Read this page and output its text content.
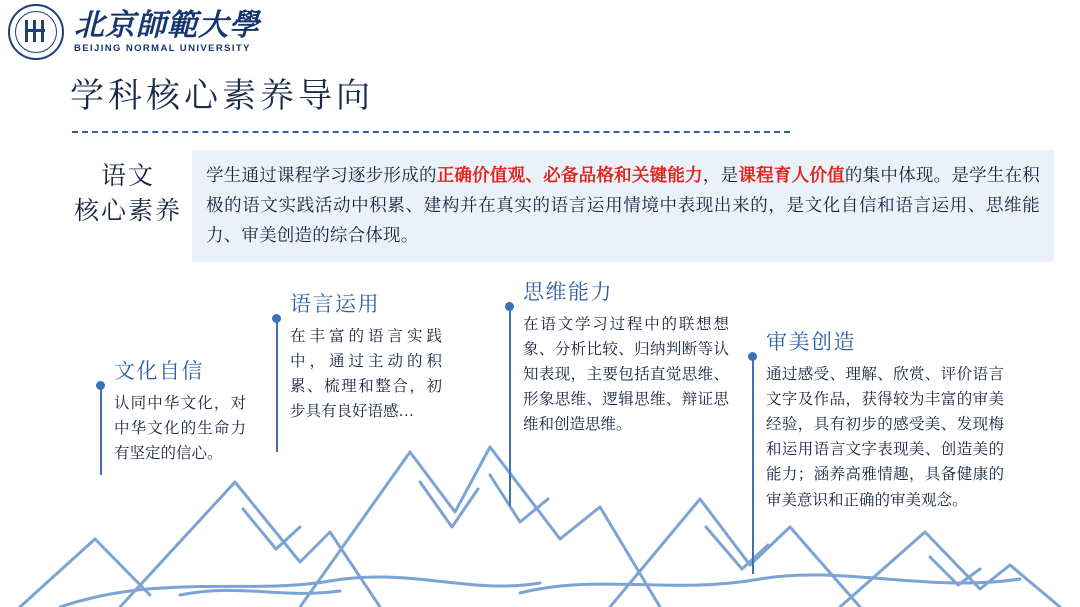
北京師範大學
BEIJING NORMAL UNIVERSITY
学科核心素养导向
语文
核心素养
学生通过课程学习逐步形成的正确价值观、必备品格和关键能力，是课程育人价值的集中体现。是学生在积极的语文实践活动中积累、建构并在真实的语言运用情境中表现出来的，是文化自信和语言运用、思维能力、审美创造的综合体现。
文化自信
认同中华文化，对中华文化的生命力有坚定的信心。
语言运用
在丰富的语言实践中，通过主动的积累、梳理和整合，初步具有良好语感…
思维能力
在语文学习过程中的联想想象、分析比较、归纳判断等认知表现，主要包括直觉思维、形象思维、逻辑思维、辩证思维和创造思维。
审美创造
通过感受、理解、欣赏、评价语言文字及作品，获得较为丰富的审美经验，具有初步的感受美、发现梅和运用语言文字表现美、创造美的能力；涵养高雅情趣，具备健康的审美意识和正确的审美观念。
